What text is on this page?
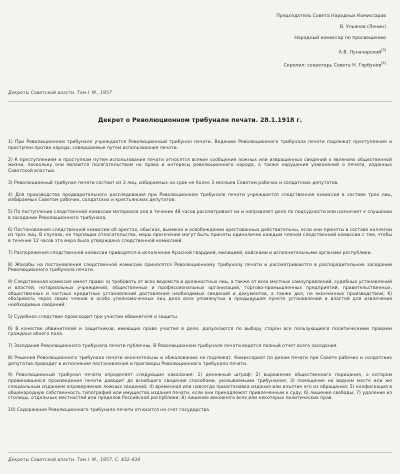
Председатель Совета Народных Комиссаров
В. Ульянов (Ленин)
Народный комиссар по просвещению
А.В. Луначарский[3]
Скрепил: секретарь Совета Н. Горбунов[4]
Декреты Советской власти. Том I. М., 1957
Декрет о Революционном трибунале печати. 28.1.1918 г.

1) При Революционном трибунале учреждается Революционный трибунал печати. Ведению Революционного трибунала печати подлежат преступления и проступки против народа, совершаемые путем использования печати.

2) К преступлениям и проступкам путем использования печати относятся всякие сообщения ложных или извращенных сведений о явлениях общественной жизни, поскольку они являются посягательством на права и интересы революционного народа, а также нарушения узаконений о печати, изданных Советской властью.

3) Революционный трибунал печати состоит из 3 лиц, избираемых на срок не более 3 месяцев Советом рабочих и солдатских депутатов.

4) Для производства предварительного расследования при Революционном трибунале печати учреждается следственная комиссия в составе трех лиц, избираемых Советом рабочих, солдатских и крестьянских депутатов.

5) По поступлении следственной комиссии материала она в течение 48 часов рассматривает их и направляет дело по подсудности или назначает к слушанию в заседании Революционного трибунала.

6) Постановления следственной комиссии об арестах, обысках, выемках и освобождении арестованных действительны, если они приняты в составе коллегии из трех лиц. В случаях, не терпящих отлагательства, меры пресечения могут быть приняты единолично каждым членом следственной комиссии с тем, чтобы в течение 12 часов эта мера была утверждена следственной комиссией.

7) Распоряжения следственной комиссии приводятся в исполнение Красной гвардией, милицией, войсками и исполнительными органами республики.

8) Жалобы на постановления следственной комиссии приносятся Революционному трибуналу печати и рассматриваются в распорядительном заседании Революционного трибунала печати.

9) Следственная комиссия имеет право: а) требовать от всех ведомств и должностных лиц, а также от всех местных самоуправлений, судебных установлений и властей, нотариальных учреждений, общественных и профессиональных организаций, торгово-промышленных предприятий, правительственных, общественных и частных кредитных установлений доставления необходимых сведений и документов, а также дел, не оконченных производством; б) обозревать через своих членов и особо уполномоченных лиц дела всех упомянутых в предыдущем пункте установлений и властей для извлечения необходимых сведений.

5) Судебное следствие происходит при участии обвинителя и защиты.

6) В качестве обвинителей и защитников, имеющих право участия в деле, допускаются по выбору сторон все пользующиеся политическими правами граждане обоего пола.

7) Заседания Революционного трибунала печати публичны. В Революционном трибунале печати ведется полный отчет всего заседания.

8) Решения Революционного трибунала печати окончательны и обжалованию не подлежат. Комиссариат по делам печати при Совете рабочих и солдатских депутатов приводит в исполнение постановления и приговоры Революционного трибунала печати.

9) Революционный трибунал печати определяет следующие наказания: 1) денежный штраф; 2) выражение общественного порицания, о котором провинившееся произведение печати доводит до всеобщего сведения способами, указываемыми трибуналом; 3) помещение на видном месте или же специальным изданием опровержения ложных сведений; 4) временная или навсегда приостановка издания или изъятие его из обращения; 5) конфискация в общенародную собственность типографий или имущества издания печати, если они принадлежат привлеченным к суду; 6) лишение свободы; 7) удаление из столицы, отдельных местностей или пределов Российской республики; 8) лишение виновного всех или некоторых политических прав.

10) Содержание Революционного трибунала печати относится на счет государства.

Декреты Советской власти. Том I. М., 1957, С. 432-434
